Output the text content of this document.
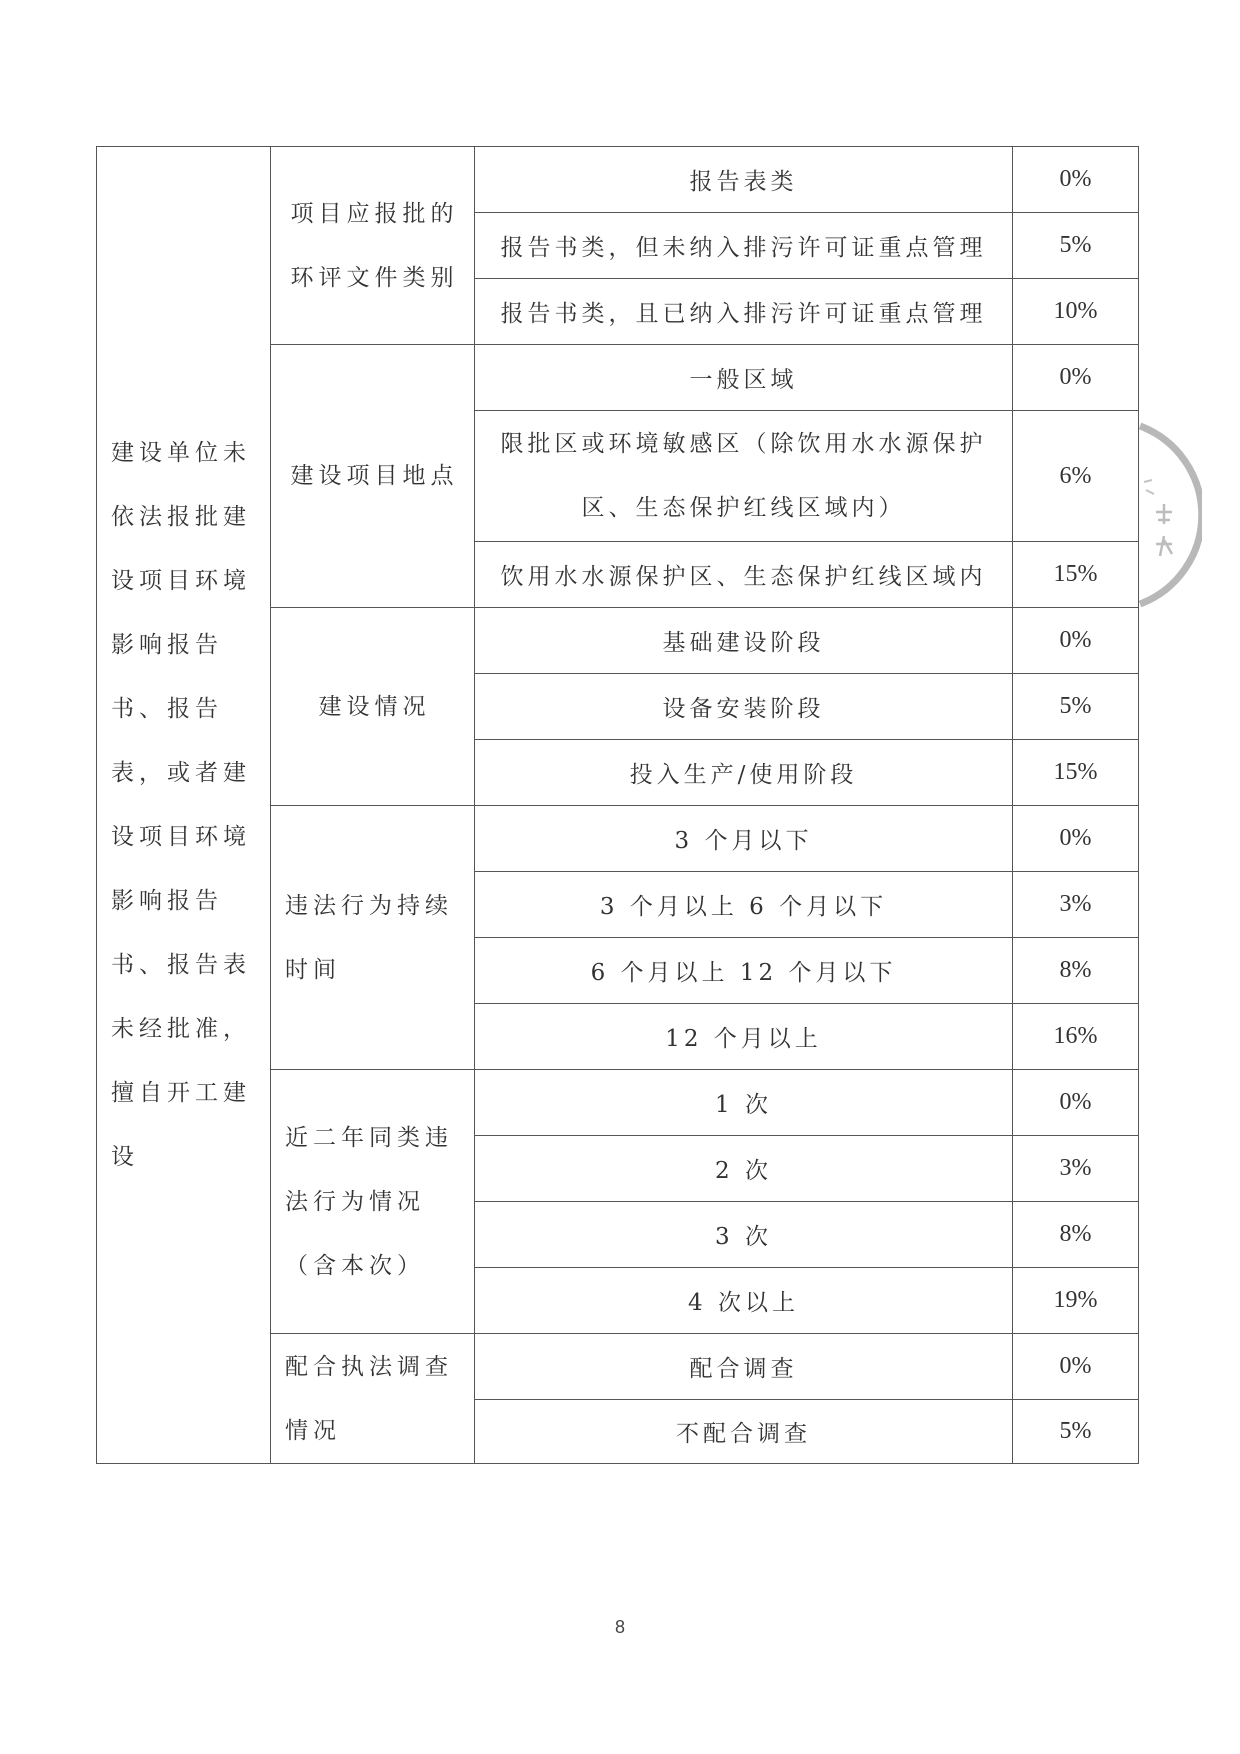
建设单位未依法报批建设项目环境影响报告书、报告表，或者建设项目环境影响报告书、报告表未经批准，擅自开工建设	项目应报批的环评文件类别	报告表类	0%
		报告书类，但未纳入排污许可证重点管理	5%
		报告书类，且已纳入排污许可证重点管理	10%
	建设项目地点	一般区域	0%
		限批区或环境敏感区（除饮用水水源保护区、生态保护红线区域内）	6%
		饮用水水源保护区、生态保护红线区域内	15%
	建设情况	基础建设阶段	0%
		设备安装阶段	5%
		投入生产/使用阶段	15%
	违法行为持续时间	3 个月以下	0%
		3 个月以上 6 个月以下	3%
		6 个月以上 12 个月以下	8%
		12 个月以上	16%
	近二年同类违法行为情况（含本次）	1 次	0%
		2 次	3%
		3 次	8%
		4 次以上	19%
	配合执法调查情况	配合调查	0%
		不配合调查	5%
8
